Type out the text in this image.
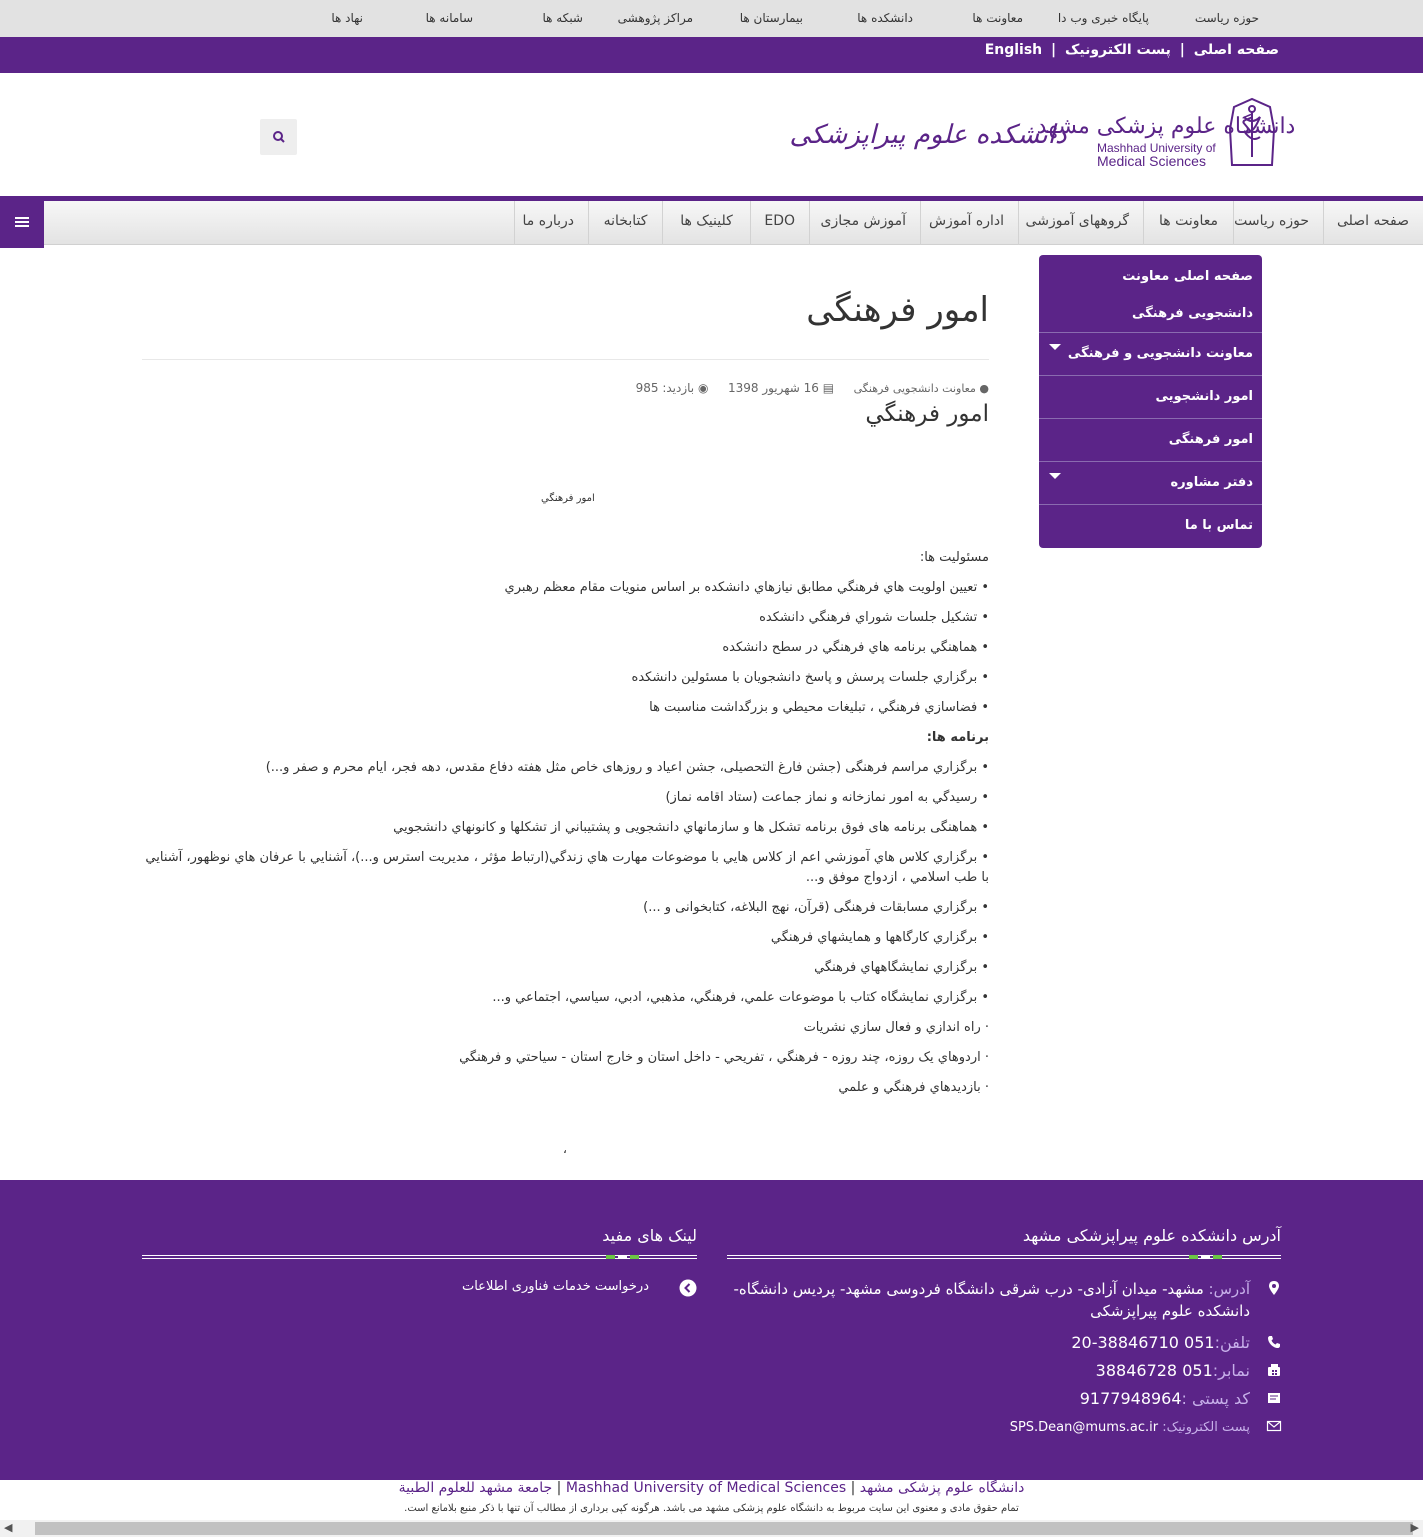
حوزه رياست
پايگاه خبری وب دا
معاونت ها
دانشکده ها
بیمارستان ها
مراکز پژوهشی
شبکه ها
سامانه ها
نهاد ها
صفحه اصلی | پست الکترونیک | English
دانشگاه علوم پزشکی مشهد
Mashhad University of
Medical Sciences
دانشکده علوم پیراپزشکی
صفحه اصلی
حوزه ریاست
معاونت ها
گروههای آموزشی
اداره آموزش
آموزش مجازی
EDO
کلینیک ها
کتابخانه
درباره ما
صفحه اصلی معاونت دانشجویی فرهنگی
معاونت دانشجویی و فرهنگی
امور دانشجویی
امور فرهنگی
دفتر مشاوره
تماس با ما
امور فرهنگی
● معاونت دانشجویی فرهنگی ▤ 16 شهریور 1398 ◉ بازدید: 985
امور فرهنگي
امور فرهنگي

مسئوليت ها:

• تعيين اولويت هاي فرهنگي مطابق نيازهاي دانشكده بر اساس منويات مقام معظم رهبري

• تشكيل جلسات شوراي فرهنگي دانشكده

• هماهنگي برنامه هاي فرهنگي در سطح دانشكده

• برگزاري جلسات پرسش و پاسخ دانشجويان با مسئولين دانشكده

• فضاسازي فرهنگي ، تبليغات محيطي و بزرگداشت مناسبت ها

برنامه ها:

• برگزاري مراسم فرهنگی (جشن فارغ التحصیلی، جشن اعیاد و روزهای خاص مثل هفته دفاع مقدس، دهه فجر، ایام محرم و صفر و...)

• رسيدگي به امور نمازخانه و نماز جماعت (ستاد اقامه نماز)

• هماهنگی برنامه های فوق برنامه تشكل ها و سازمانهاي دانشجويی و پشتيباني از تشكلها و كانونهاي دانشجويي

• برگزاري كلاس هاي آموزشي اعم از كلاس هايي با موضوعات مهارت هاي زندگي(ارتباط مؤثر ، مديريت استرس و...)، آشنايي با عرفان هاي نوظهور، آشنايي با طب اسلامي ، ازدواج موفق و...

• برگزاري مسابقات فرهنگی (قرآن، نهج البلاغه، كتابخوانی و ...)

• برگزاري كارگاهها و همايشهاي فرهنگي

• برگزاري نمايشگاههاي فرهنگي

• برگزاري نمايشگاه كتاب با موضوعات علمي، فرهنگي، مذهبي، ادبي، سياسي، اجتماعي و...

· راه اندازي و فعال سازي نشريات

· اردوهاي يک روزه، چند روزه - فرهنگي ، تفريحي - داخل استان و خارج استان - سياحتي و فرهنگي

· بازديدهاي فرهنگي و علمي

،
آدرس دانشکده علوم پیراپزشکی مشهد
آدرس: مشهد- میدان آزادی- درب شرقی دانشگاه فردوسی مشهد- پردیس دانشگاه- دانشکده علوم پیراپزشکی
تلفن:051 38846710-20
نمابر:051 38846728
کد پستی :9177948964
پست الکترونیک: SPS.Dean@mums.ac.ir
لینک های مفید
درخواست خدمات فناوری اطلاعات
دانشگاه علوم پزشکی مشهد | Mashhad University of Medical Sciences | جامعة مشهد للعلوم الطبیة
تمام حقوق مادی و معنوی این سایت مربوط به دانشگاه علوم پزشکی مشهد می باشد. هرگونه کپی برداری از مطالب آن تنها با ذکر منبع بلامانع است.
◀	▶
